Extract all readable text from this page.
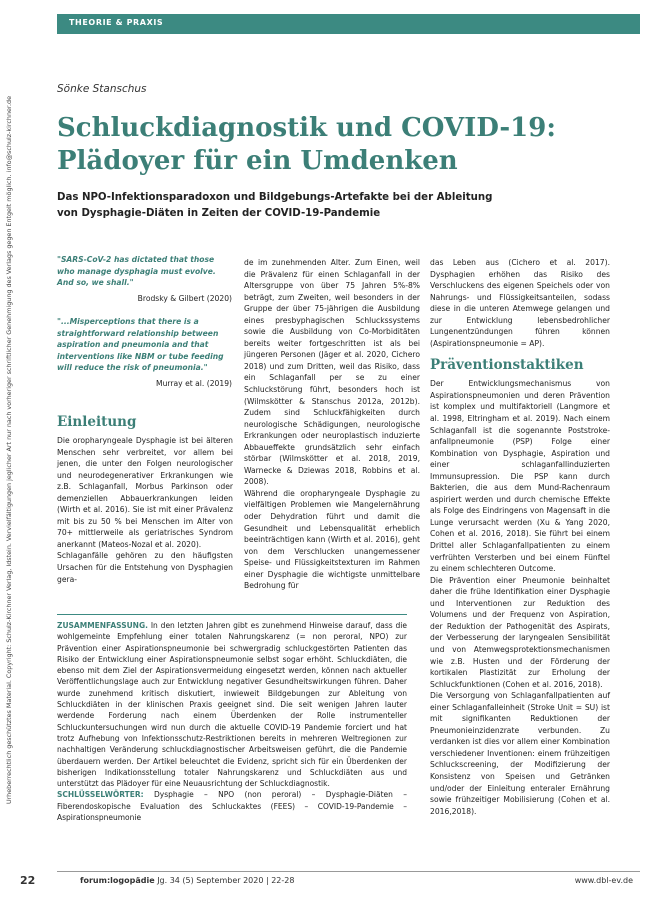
THEORIE & PRAXIS
Urheberrechtlich geschütztes Material. Copyright: Schulz-Kirchner Verlag, Idstein. Vervielfältigungen jeglicher Art nur nach vorheriger schriftlicher Genehmigung des Verlags gegen Entgelt möglich. info@schulz-kirchner.de
Sönke Stanschus
Schluckdiagnostik und COVID-19:
Plädoyer für ein Umdenken

Das NPO-Infektionsparadoxon und Bildgebungs-Artefakte bei der Ableitung
von Dysphagie-Diäten in Zeiten der COVID-19-Pandemie

"SARS-CoV-2 has dictated that those who manage dysphagia must evolve. And so, we shall."

Brodsky & Gilbert (2020)

"...Misperceptions that there is a straightforward relationship between aspiration and pneumonia and that interventions like NBM or tube feeding will reduce the risk of pneumonia."

Murray et al. (2019)

Einleitung

Die oropharyngeale Dysphagie ist bei älteren Menschen sehr verbreitet, vor allem bei jenen, die unter den Folgen neurologischer und neurodegenerativer Erkrankungen wie z.B. Schlaganfall, Morbus Parkinson oder demenziellen Abbauerkrankungen leiden (Wirth et al. 2016). Sie ist mit einer Prävalenz mit bis zu 50 % bei Menschen im Alter von 70+ mittlerweile als geriatrisches Syndrom anerkannt (Mateos-Nozal et al. 2020).

Schlaganfälle gehören zu den häufigsten Ursachen für die Entstehung von Dysphagien gera-

de im zunehmenden Alter. Zum Einen, weil die Prävalenz für einen Schlaganfall in der Altersgruppe von über 75 Jahren 5%-8% beträgt, zum Zweiten, weil besonders in der Gruppe der über 75-jährigen die Ausbildung eines presbyphagischen Schluckssystems sowie die Ausbildung von Co-Morbiditäten bereits weiter fortgeschritten ist als bei jüngeren Personen (Jäger et al. 2020, Cichero 2018) und zum Dritten, weil das Risiko, dass ein Schlaganfall per se zu einer Schluckstörung führt, besonders hoch ist (Wilmskötter & Stanschus 2012a, 2012b). Zudem sind Schluckfähigkeiten durch neurologische Schädigungen, neurologische Erkrankungen oder neuroplastisch induzierte Abbaueffekte grundsätzlich sehr einfach störbar (Wilmskötter et al. 2018, 2019, Warnecke & Dziewas 2018, Robbins et al. 2008).

Während die oropharyngeale Dysphagie zu vielfältigen Problemen wie Mangelernährung oder Dehydration führt und damit die Gesundheit und Lebensqualität erheblich beeinträchtigen kann (Wirth et al. 2016), geht von dem Verschlucken unangemessener Speise- und Flüssigkeitstexturen im Rahmen einer Dysphagie die wichtigste unmittelbare Bedrohung für

das Leben aus (Cichero et al. 2017). Dysphagien erhöhen das Risiko des Verschluckens des eigenen Speichels oder von Nahrungs- und Flüssigkeitsanteilen, sodass diese in die unteren Atemwege gelangen und zur Entwicklung lebensbedrohlicher Lungenentzündungen führen können (Aspirationspneumonie = AP).

Präventionstaktiken

Der Entwicklungsmechanismus von Aspirationspneumonien und deren Prävention ist komplex und multifaktoriell (Langmore et al. 1998, Eltringham et al. 2019). Nach einem Schlaganfall ist die sogenannte Poststroke-anfallpneumonie (PSP) Folge einer Kombination von Dysphagie, Aspiration und einer schlaganfallinduzierten Immunsupression. Die PSP kann durch Bakterien, die aus dem Mund-Rachenraum aspiriert werden und durch chemische Effekte als Folge des Eindringens von Magensaft in die Lunge verursacht werden (Xu & Yang 2020, Cohen et al. 2016, 2018). Sie führt bei einem Drittel aller Schlaganfallpatienten zu einem verfrühten Versterben und bei einem Fünftel zu einem schlechteren Outcome.

Die Prävention einer Pneumonie beinhaltet daher die frühe Identifikation einer Dysphagie und Interventionen zur Reduktion des Volumens und der Frequenz von Aspiration, der Reduktion der Pathogenität des Aspirats, der Verbesserung der laryngealen Sensibilität und von Atemwegsprotektionsmechanismen wie z.B. Husten und der Förderung der kortikalen Plastizität zur Erholung der Schluckfunktionen (Cohen et al. 2016, 2018).

Die Versorgung von Schlaganfallpatienten auf einer Schlaganfalleinheit (Stroke Unit = SU) ist mit signifikanten Reduktionen der Pneumonieinzidenzrate verbunden. Zu verdanken ist dies vor allem einer Kombination verschiedener Inventionen: einem frühzeitigen Schluckscreening, der Modifizierung der Konsistenz von Speisen und Getränken und/oder der Einleitung enteraler Ernährung sowie frühzeitiger Mobilisierung (Cohen et al. 2016,2018).

ZUSAMMENFASSUNG. In den letzten Jahren gibt es zunehmend Hinweise darauf, dass die wohlgemeinte Empfehlung einer totalen Nahrungskarenz (= non peroral, NPO) zur Prävention einer Aspirationspneumonie bei schwergradig schluckgestörten Patienten das Risiko der Entwicklung einer Aspirationspneumonie selbst sogar erhöht. Schluckdiäten, die ebenso mit dem Ziel der Aspirationsvermeidung eingesetzt werden, können nach aktueller Veröffentlichungslage auch zur Entwicklung negativer Gesundheitswirkungen führen. Daher wurde zunehmend kritisch diskutiert, inwieweit Bildgebungen zur Ableitung von Schluckdiäten in der klinischen Praxis geeignet sind. Die seit wenigen Jahren lauter werdende Forderung nach einem Überdenken der Rolle instrumenteller Schluckuntersuchungen wird nun durch die aktuelle COVID-19 Pandemie forciert und hat trotz Aufhebung von Infektionsschutz-Restriktionen bereits in mehreren Weltregionen zur nachhaltigen Veränderung schluckdiagnostischer Arbeitsweisen geführt, die die Pandemie überdauern werden. Der Artikel beleuchtet die Evidenz, spricht sich für ein Überdenken der bisherigen Indikationsstellung totaler Nahrungskarenz und Schluckdiäten aus und unterstützt das Plädoyer für eine Neuausrichtung der Schluckdiagnostik.
SCHLÜSSELWÖRTER: Dysphagie – NPO (non peroral) – Dysphagie-Diäten – Fiberendoskopische Evaluation des Schluckaktes (FEES) – COVID-19-Pandemie – Aspirationspneumonie
22	forum:logopädie Jg. 34 (5) September 2020 | 22-28	www.dbl-ev.de
